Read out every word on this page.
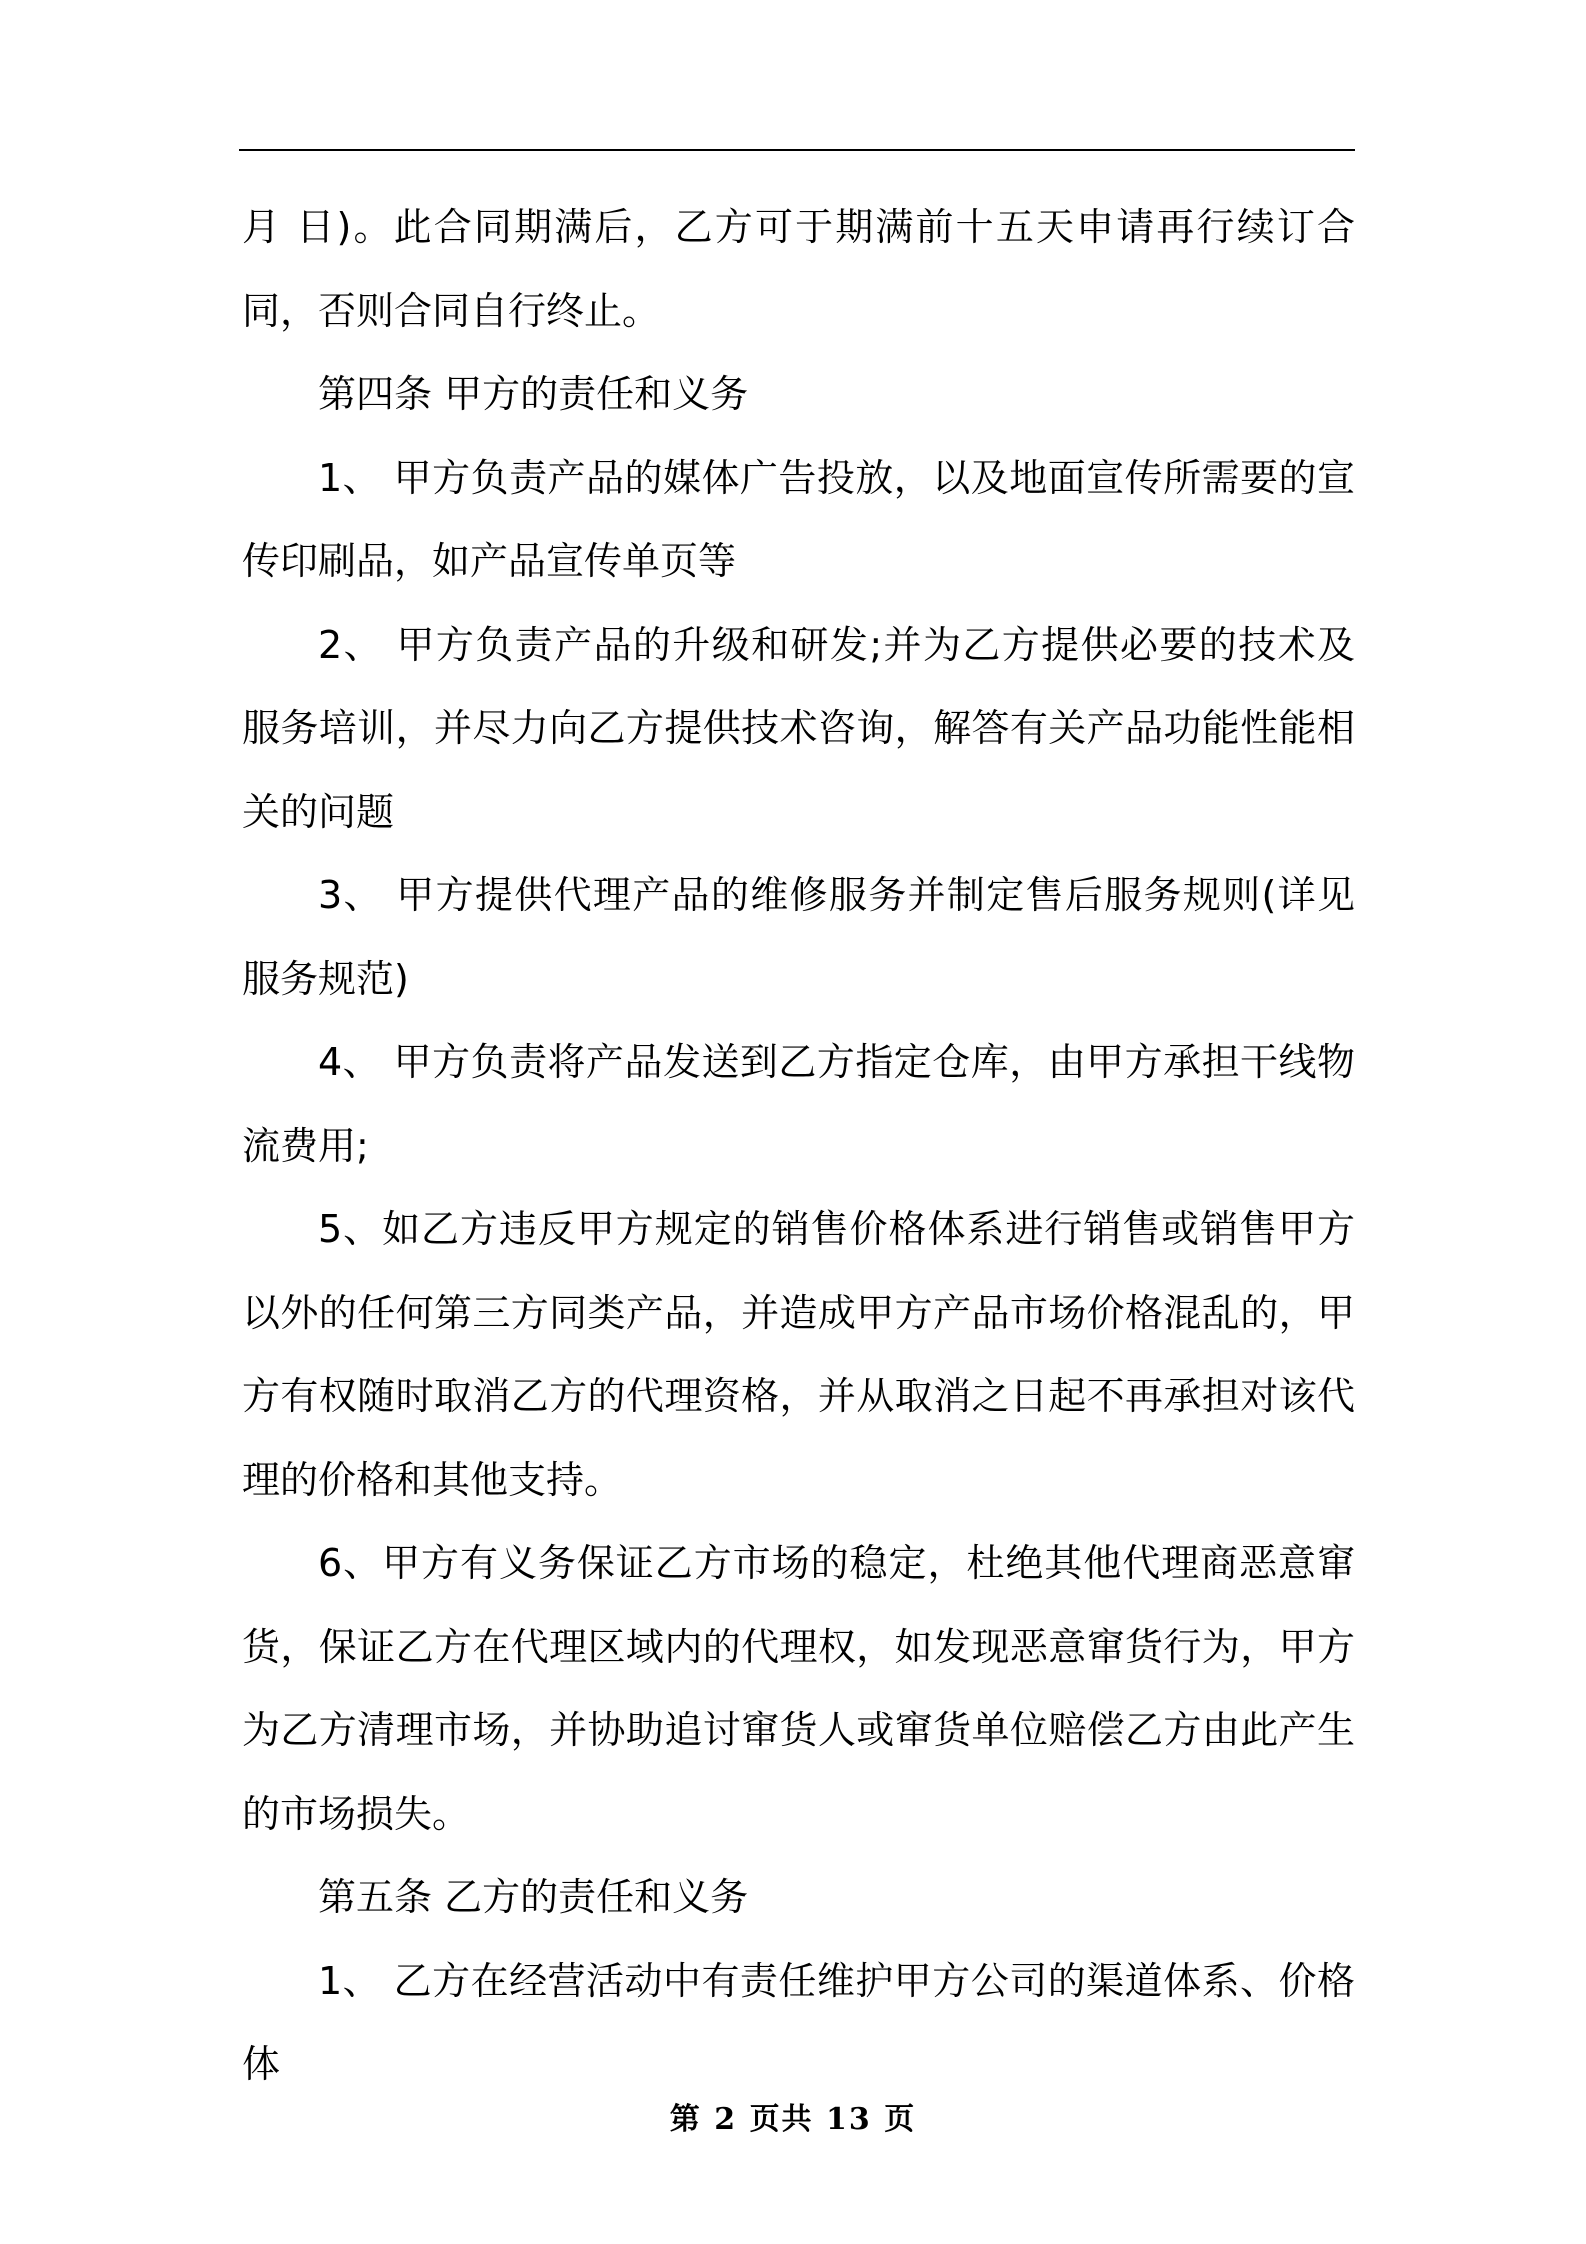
月 日)。此合同期满后，乙方可于期满前十五天申请再行续订合同，否则合同自行终止。

第四条 甲方的责任和义务

1、 甲方负责产品的媒体广告投放，以及地面宣传所需要的宣传印刷品，如产品宣传单页等

2、 甲方负责产品的升级和研发;并为乙方提供必要的技术及服务培训，并尽力向乙方提供技术咨询，解答有关产品功能性能相关的问题

3、 甲方提供代理产品的维修服务并制定售后服务规则(详见服务规范)

4、 甲方负责将产品发送到乙方指定仓库，由甲方承担干线物流费用;

5、如乙方违反甲方规定的销售价格体系进行销售或销售甲方以外的任何第三方同类产品，并造成甲方产品市场价格混乱的，甲方有权随时取消乙方的代理资格，并从取消之日起不再承担对该代理的价格和其他支持。

6、甲方有义务保证乙方市场的稳定，杜绝其他代理商恶意窜货，保证乙方在代理区域内的代理权，如发现恶意窜货行为，甲方为乙方清理市场，并协助追讨窜货人或窜货单位赔偿乙方由此产生的市场损失。

第五条 乙方的责任和义务

1、 乙方在经营活动中有责任维护甲方公司的渠道体系、价格体

第 2 页共 13 页
